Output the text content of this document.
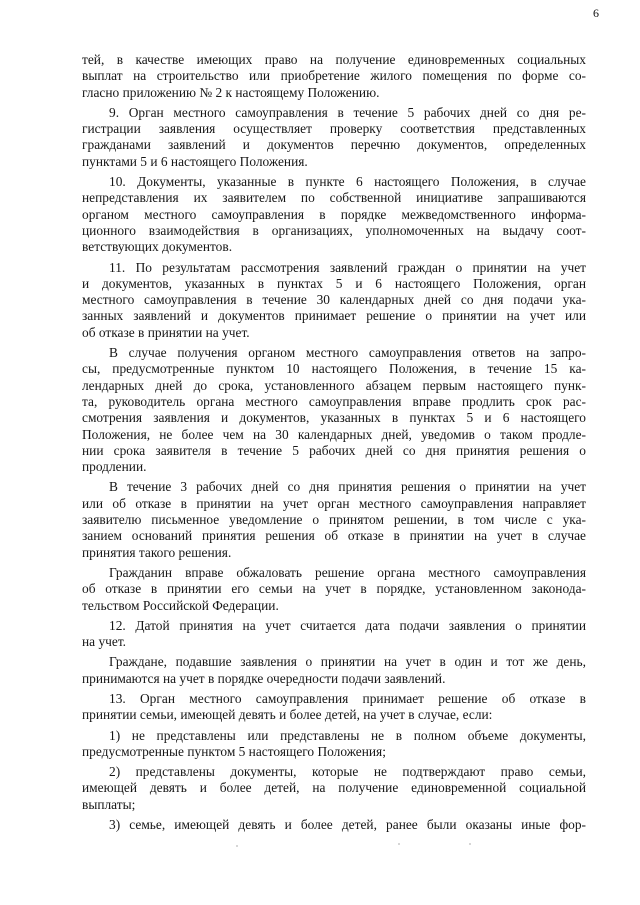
6
тей, в качестве имеющих право на получение единовременных социальных
выплат на строительство или приобретение жилого помещения по форме со-
гласно приложению № 2 к настоящему Положению.
9. Орган местного самоуправления в течение 5 рабочих дней со дня ре-
гистрации заявления осуществляет проверку соответствия представленных
гражданами заявлений и документов перечню документов, определенных
пунктами 5 и 6 настоящего Положения.
10. Документы, указанные в пункте 6 настоящего Положения, в случае
непредставления их заявителем по собственной инициативе запрашиваются
органом местного самоуправления в порядке межведомственного информа-
ционного взаимодействия в организациях, уполномоченных на выдачу соот-
ветствующих документов.
11. По результатам рассмотрения заявлений граждан о принятии на учет
и документов, указанных в пунктах 5 и 6 настоящего Положения, орган
местного самоуправления в течение 30 календарных дней со дня подачи ука-
занных заявлений и документов принимает решение о принятии на учет или
об отказе в принятии на учет.
В случае получения органом местного самоуправления ответов на запро-
сы, предусмотренные пунктом 10 настоящего Положения, в течение 15 ка-
лендарных дней до срока, установленного абзацем первым настоящего пунк-
та, руководитель органа местного самоуправления вправе продлить срок рас-
смотрения заявления и документов, указанных в пунктах 5 и 6 настоящего
Положения, не более чем на 30 календарных дней, уведомив о таком продле-
нии срока заявителя в течение 5 рабочих дней со дня принятия решения о
продлении.
В течение 3 рабочих дней со дня принятия решения о принятии на учет
или об отказе в принятии на учет орган местного самоуправления направляет
заявителю письменное уведомление о принятом решении, в том числе с ука-
занием оснований принятия решения об отказе в принятии на учет в случае
принятия такого решения.
Гражданин вправе обжаловать решение органа местного самоуправления
об отказе в принятии его семьи на учет в порядке, установленном законода-
тельством Российской Федерации.
12. Датой принятия на учет считается дата подачи заявления о принятии
на учет.
Граждане, подавшие заявления о принятии на учет в один и тот же день,
принимаются на учет в порядке очередности подачи заявлений.
13. Орган местного самоуправления принимает решение об отказе в
принятии семьи, имеющей девять и более детей, на учет в случае, если:
1) не представлены или представлены не в полном объеме документы,
предусмотренные пунктом 5 настоящего Положения;
2) представлены документы, которые не подтверждают право семьи,
имеющей девять и более детей, на получение единовременной социальной
выплаты;
3) семье, имеющей девять и более детей, ранее были оказаны иные фор-
